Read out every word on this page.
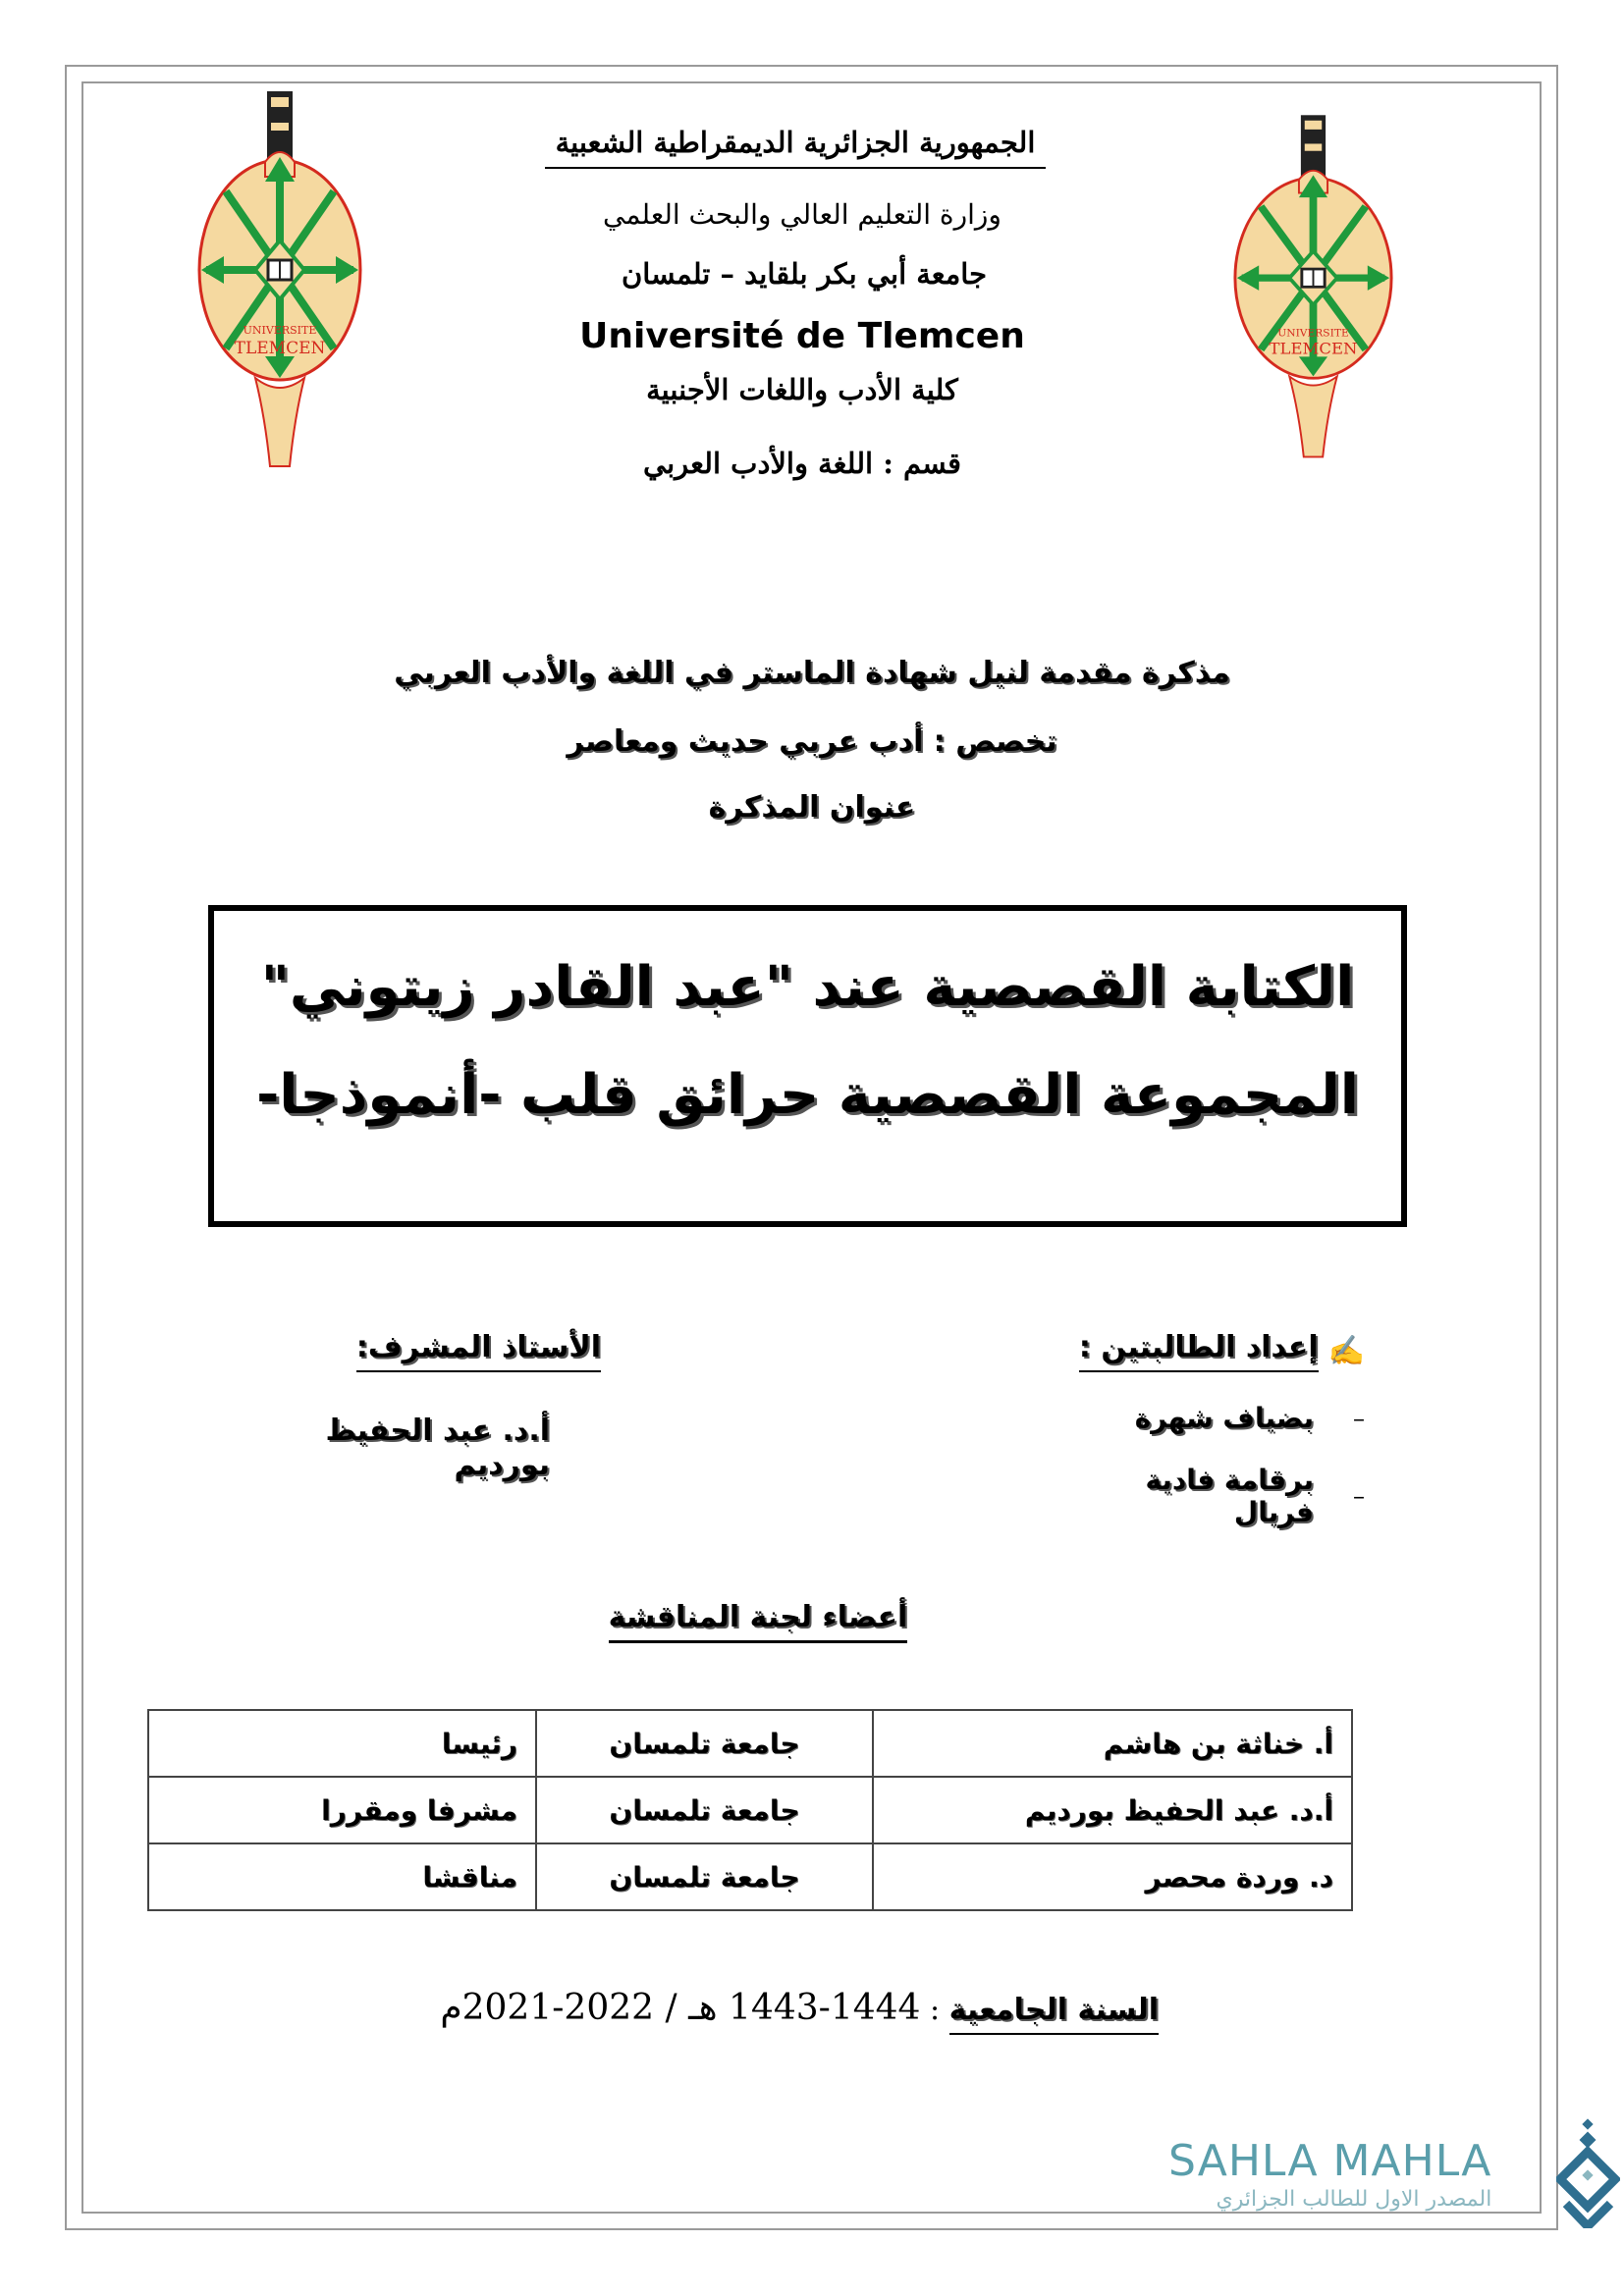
UNIVERSITE
TLEMCEN
UNIVERSITE
TLEMCEN
الجمهورية الجزائرية الديمقراطية الشعبية
وزارة التعليم العالي والبحث العلمي
جامعة أبي بكر بلقايد – تلمسان
Université de Tlemcen
كلية الأدب واللغات الأجنبية
قسم : اللغة والأدب العربي
مذكرة مقدمة لنيل شهادة الماستر في اللغة والأدب العربي
تخصص : أدب عربي حديث ومعاصر
عنوان المذكرة
الكتابة القصصية عند "عبد القادر زيتوني"
المجموعة القصصية حرائق قلب -أنموذجا-
✍
إعداد الطالبتين :
–
بضياف شهرة
–
برقامة فادية فريال
الأستاذ المشرف:
أ.د. عبد الحفيظ بورديم
أعضاء لجنة المناقشة
أ. خناثة بن هاشم	جامعة تلمسان	رئيسا
أ.د. عبد الحفيظ بورديم	جامعة تلمسان	مشرفا ومقررا
د. وردة محصر	جامعة تلمسان	مناقشا
السنة الجامعية : 1444-1443 هـ / 2022-2021م
SAHLA MAHLA
المصدر الاول للطالب الجزائري
